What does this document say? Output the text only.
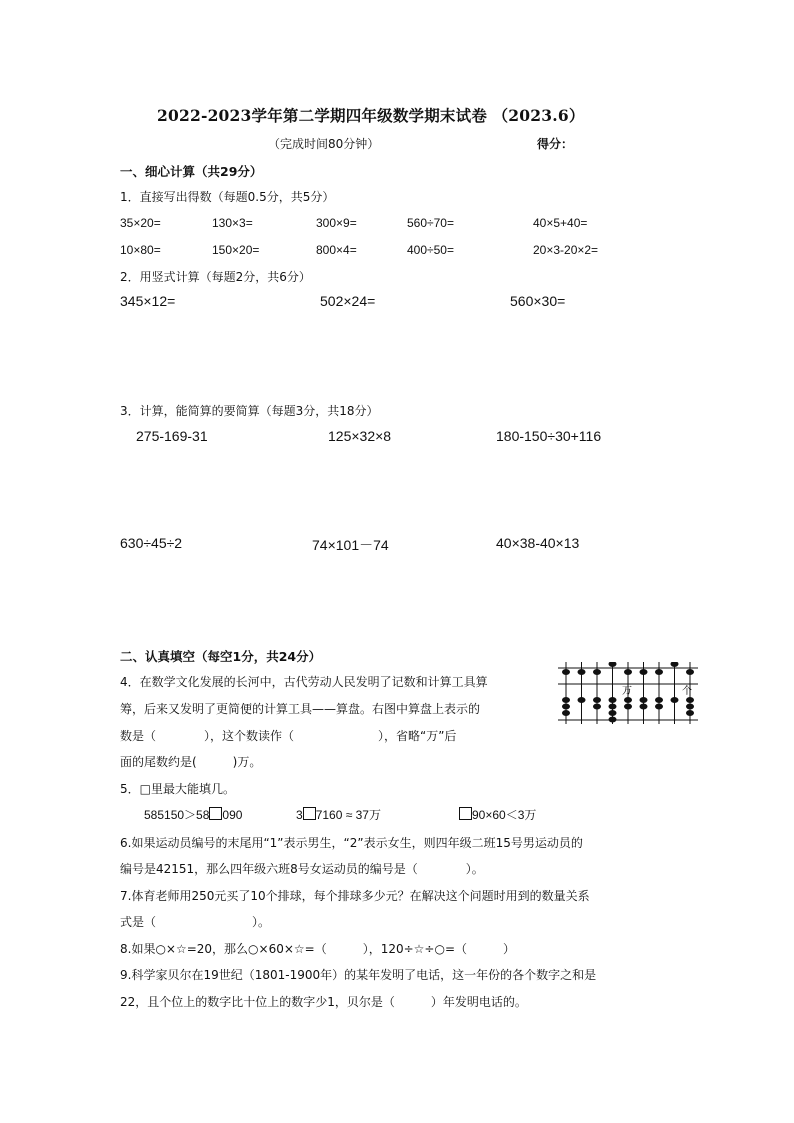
2022-2023学年第二学期四年级数学期末试卷 （2023.6）
（完成时间80分钟）	得分：
一、细心计算（共29分）
1．直接写出得数（每题0.5分，共5分）
35×20=	130×3=	300×9=	560÷70=	40×5+40=
10×80=	150×20=	800×4=	400÷50=	20×3-20×2=
2．用竖式计算（每题2分，共6分）
345×12=	502×24=	560×30=
3．计算，能简算的要简算（每题3分，共18分）
275-169-31	125×32×8	180-150÷30+116
630÷45÷2	74×101－74	40×38-40×13
二、认真填空（每空1分，共24分）
4．在数学文化发展的长河中，古代劳动人民发明了记数和计算工具算
筹，后来又发明了更简便的计算工具——算盘。右图中算盘上表示的
数是（　　　　），这个数读作（　　　　　　　），省略“万”后
面的尾数约是(　　　)万。
万	个
5．□里最大能填几。
585150＞58 090	3 7160 ≈ 37万	90×60＜3万
6.如果运动员编号的末尾用“1”表示男生，“2”表示女生，则四年级二班15号男运动员的
编号是42151，那么四年级六班8号女运动员的编号是（　　　　）。
7.体育老师用250元买了10个排球，每个排球多少元？在解决这个问题时用到的数量关系
式是（　　　　　　　　）。
8.如果○×☆=20，那么○×60×☆=（　　　），120÷☆÷○=（　　　）
9.科学家贝尔在19世纪（1801-1900年）的某年发明了电话，这一年份的各个数字之和是
22，且个位上的数字比十位上的数字少1，贝尔是（　　　）年发明电话的。
